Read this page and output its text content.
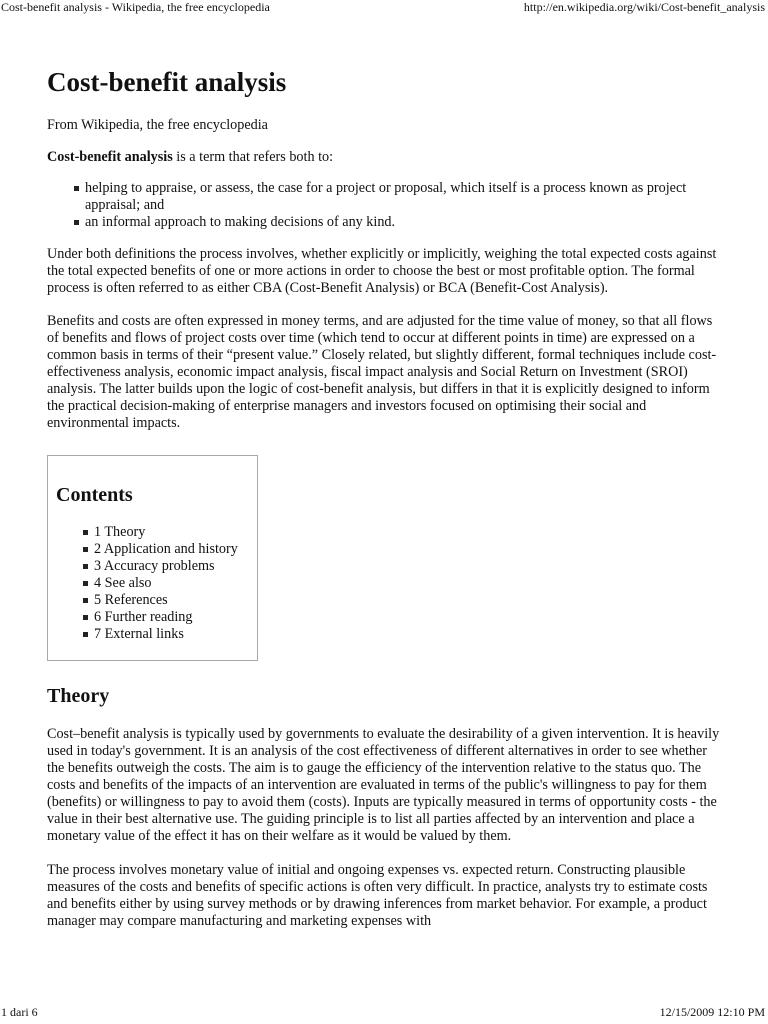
Cost-benefit analysis - Wikipedia, the free encyclopedia	http://en.wikipedia.org/wiki/Cost-benefit_analysis
Cost-benefit analysis
From Wikipedia, the free encyclopedia

Cost-benefit analysis is a term that refers both to:

helping to appraise, or assess, the case for a project or proposal, which itself is a process known as project appraisal; and
an informal approach to making decisions of any kind.

Under both definitions the process involves, whether explicitly or implicitly, weighing the total expected costs against the total expected benefits of one or more actions in order to choose the best or most profitable option. The formal process is often referred to as either CBA (Cost-Benefit Analysis) or BCA (Benefit-Cost Analysis).

Benefits and costs are often expressed in money terms, and are adjusted for the time value of money, so that all flows of benefits and flows of project costs over time (which tend to occur at different points in time) are expressed on a common basis in terms of their “present value.” Closely related, but slightly different, formal techniques include cost-effectiveness analysis, economic impact analysis, fiscal impact analysis and Social Return on Investment (SROI) analysis. The latter builds upon the logic of cost-benefit analysis, but differs in that it is explicitly designed to inform the practical decision-making of enterprise managers and investors focused on optimising their social and environmental impacts.

Contents
1 Theory
2 Application and history
3 Accuracy problems
4 See also
5 References
6 Further reading
7 External links
Theory

Cost–benefit analysis is typically used by governments to evaluate the desirability of a given intervention. It is heavily used in today's government. It is an analysis of the cost effectiveness of different alternatives in order to see whether the benefits outweigh the costs. The aim is to gauge the efficiency of the intervention relative to the status quo. The costs and benefits of the impacts of an intervention are evaluated in terms of the public's willingness to pay for them (benefits) or willingness to pay to avoid them (costs). Inputs are typically measured in terms of opportunity costs - the value in their best alternative use. The guiding principle is to list all parties affected by an intervention and place a monetary value of the effect it has on their welfare as it would be valued by them.

The process involves monetary value of initial and ongoing expenses vs. expected return. Constructing plausible measures of the costs and benefits of specific actions is often very difficult. In practice, analysts try to estimate costs and benefits either by using survey methods or by drawing inferences from market behavior. For example, a product manager may compare manufacturing and marketing expenses with

1 dari 6	12/15/2009 12:10 PM
